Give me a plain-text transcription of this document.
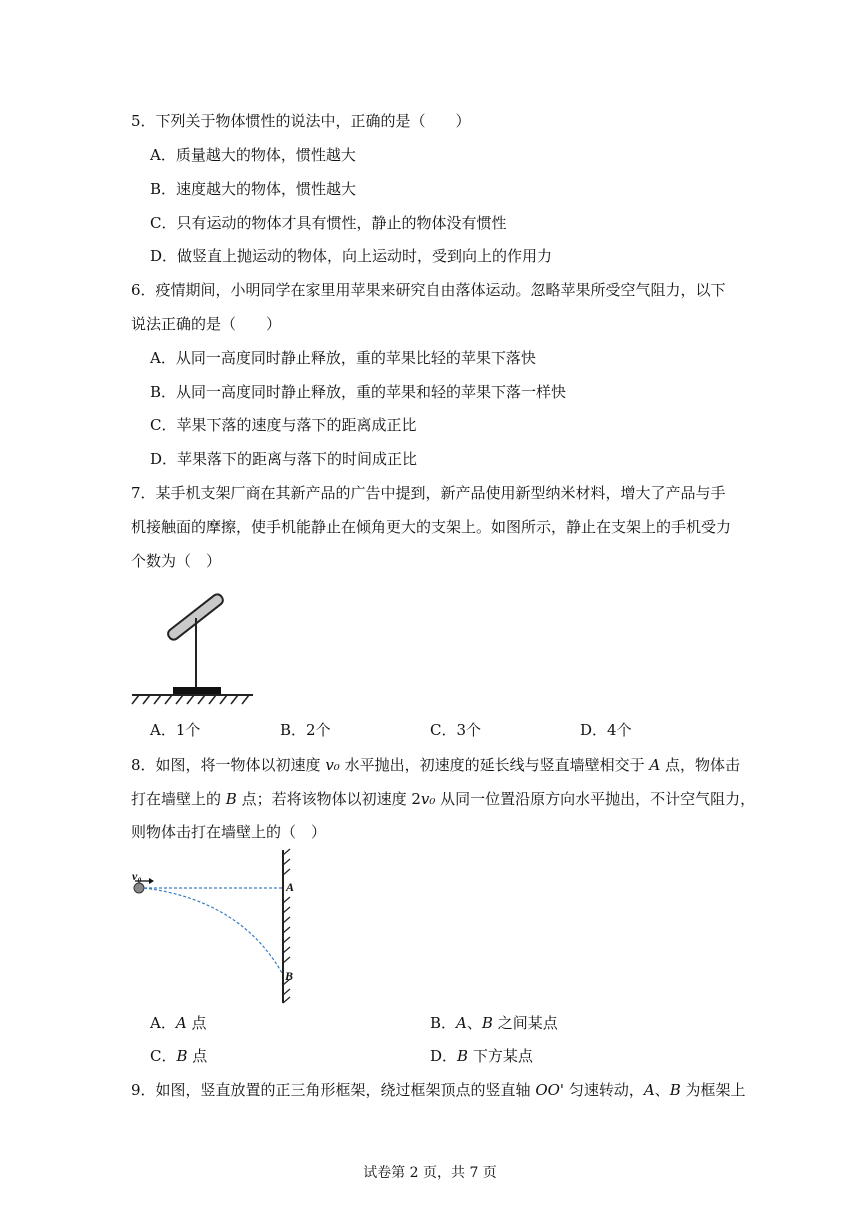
5．下列关于物体惯性的说法中，正确的是（　　）
A．质量越大的物体，惯性越大
B．速度越大的物体，惯性越大
C．只有运动的物体才具有惯性，静止的物体没有惯性
D．做竖直上抛运动的物体，向上运动时，受到向上的作用力
6．疫情期间，小明同学在家里用苹果来研究自由落体运动。忽略苹果所受空气阻力，以下
说法正确的是（　　）
A．从同一高度同时静止释放，重的苹果比轻的苹果下落快
B．从同一高度同时静止释放，重的苹果和轻的苹果下落一样快
C．苹果下落的速度与落下的距离成正比
D．苹果落下的距离与落下的时间成正比
7．某手机支架厂商在其新产品的广告中提到，新产品使用新型纳米材料，增大了产品与手
机接触面的摩擦，使手机能静止在倾角更大的支架上。如图所示，静止在支架上的手机受力
个数为（　）
A．1个	B．2个	C．3个	D．4个
8．如图，将一物体以初速度 v₀ 水平抛出，初速度的延长线与竖直墙壁相交于 A 点，物体击
打在墙壁上的 B 点；若将该物体以初速度 2v₀ 从同一位置沿原方向水平抛出，不计空气阻力，
则物体击打在墙壁上的（　）
v₀
A
B
A．A 点	B．A、B 之间某点
C．B 点	D．B 下方某点
9．如图，竖直放置的正三角形框架，绕过框架顶点的竖直轴 OO' 匀速转动，A、B 为框架上
试卷第 2 页，共 7 页
